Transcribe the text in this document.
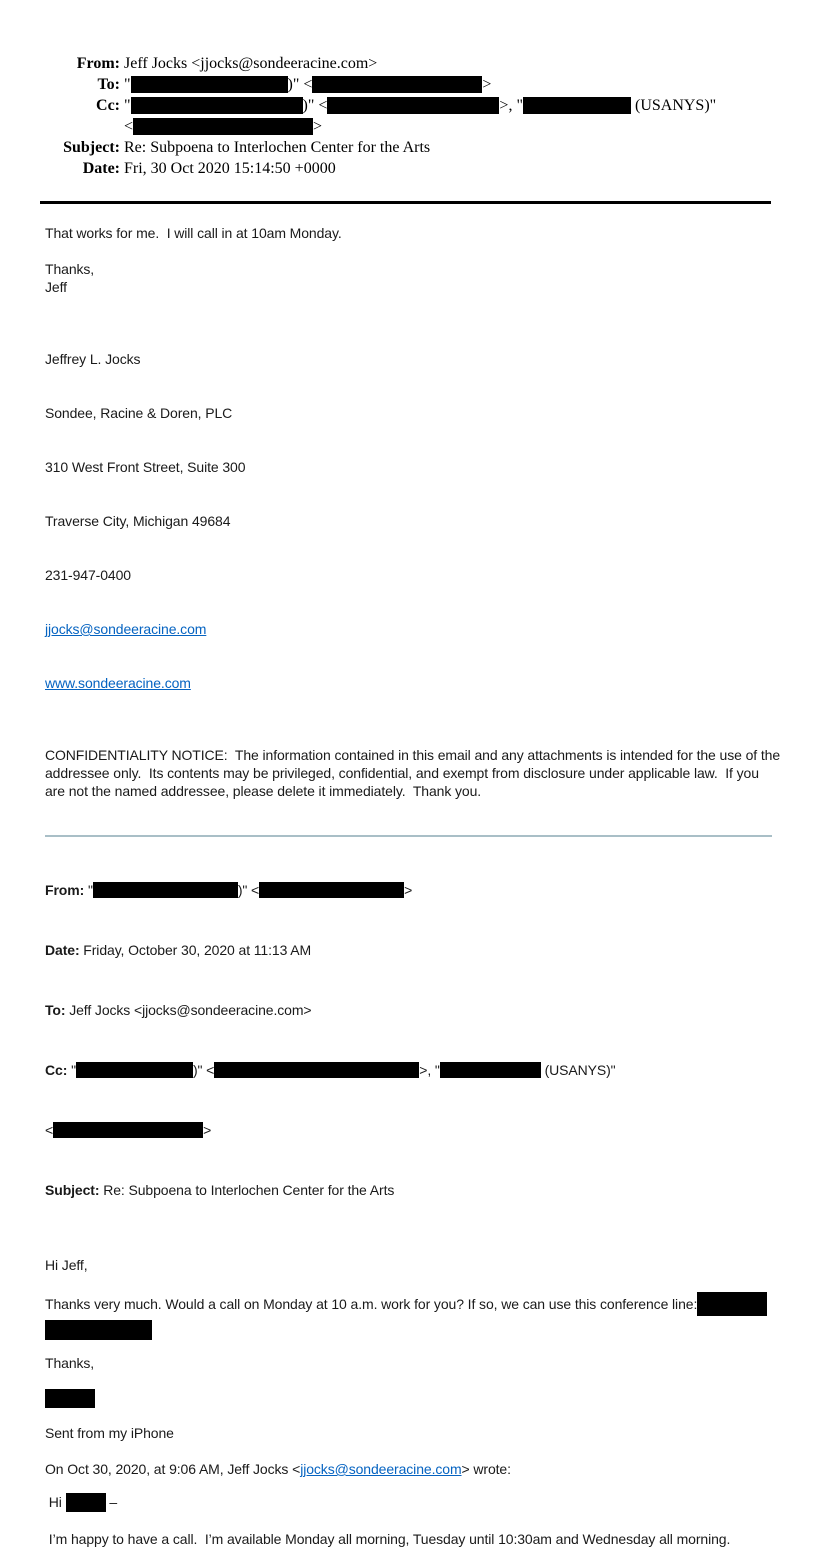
From: Jeff Jocks <jjocks@sondeeracine.com>
To: "	)" <	>
Cc: "	)" <	>, "	(USANYS)"
<	>
Subject: Re: Subpoena to Interlochen Center for the Arts
Date: Fri, 30 Oct 2020 15:14:50 +0000
That works for me.  I will call in at 10am Monday.
Thanks,
Jeff

Jeffrey L. Jocks

Sondee, Racine & Doren, PLC

310 West Front Street, Suite 300

Traverse City, Michigan 49684

231-947-0400

jjocks@sondeeracine.com

www.sondeeracine.com

CONFIDENTIALITY NOTICE:  The information contained in this email and any attachments is intended for the use of the addressee only.  Its contents may be privileged, confidential, and exempt from disclosure under applicable law.  If you are not the named addressee, please delete it immediately.  Thank you.

From: "	)" <	>

Date: Friday, October 30, 2020 at 11:13 AM

To: Jeff Jocks <jjocks@sondeeracine.com>

Cc: "	)" <	>, "	(USANYS)"

<	>

Subject: Re: Subpoena to Interlochen Center for the Arts

Hi Jeff,
Thanks very much. Would a call on Monday at 10 a.m. work for you? If so, we can use this conference line:
Thanks,
Sent from my iPhone
On Oct 30, 2020, at 9:06 AM, Jeff Jocks <jjocks@sondeeracine.com> wrote:
Hi	–
I’m happy to have a call.  I’m available Monday all morning, Tuesday until 10:30am and Wednesday all morning.
